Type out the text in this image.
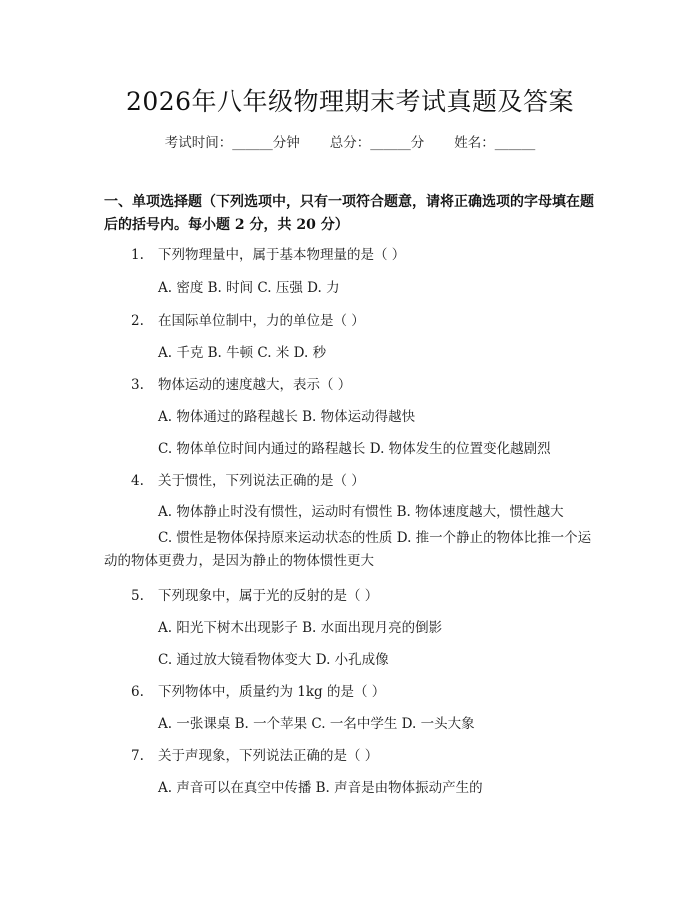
2026年八年级物理期末考试真题及答案
考试时间：______分钟 总分：______分 姓名：______
一、单项选择题（下列选项中，只有一项符合题意，请将正确选项的字母填在题后的括号内。每小题 2 分，共 20 分）
1. 下列物理量中，属于基本物理量的是（ ）
A. 密度 B. 时间 C. 压强 D. 力
2. 在国际单位制中，力的单位是（ ）
A. 千克 B. 牛顿 C. 米 D. 秒
3. 物体运动的速度越大，表示（ ）
A. 物体通过的路程越长 B. 物体运动得越快
C. 物体单位时间内通过的路程越长 D. 物体发生的位置变化越剧烈
4. 关于惯性，下列说法正确的是（ ）
A. 物体静止时没有惯性，运动时有惯性 B. 物体速度越大，惯性越大
C. 惯性是物体保持原来运动状态的性质 D. 推一个静止的物体比推一个运动的物体更费力，是因为静止的物体惯性更大
5. 下列现象中，属于光的反射的是（ ）
A. 阳光下树木出现影子 B. 水面出现月亮的倒影
C. 通过放大镜看物体变大 D. 小孔成像
6. 下列物体中，质量约为 1kg 的是（ ）
A. 一张课桌 B. 一个苹果 C. 一名中学生 D. 一头大象
7. 关于声现象，下列说法正确的是（ ）
A. 声音可以在真空中传播 B. 声音是由物体振动产生的
